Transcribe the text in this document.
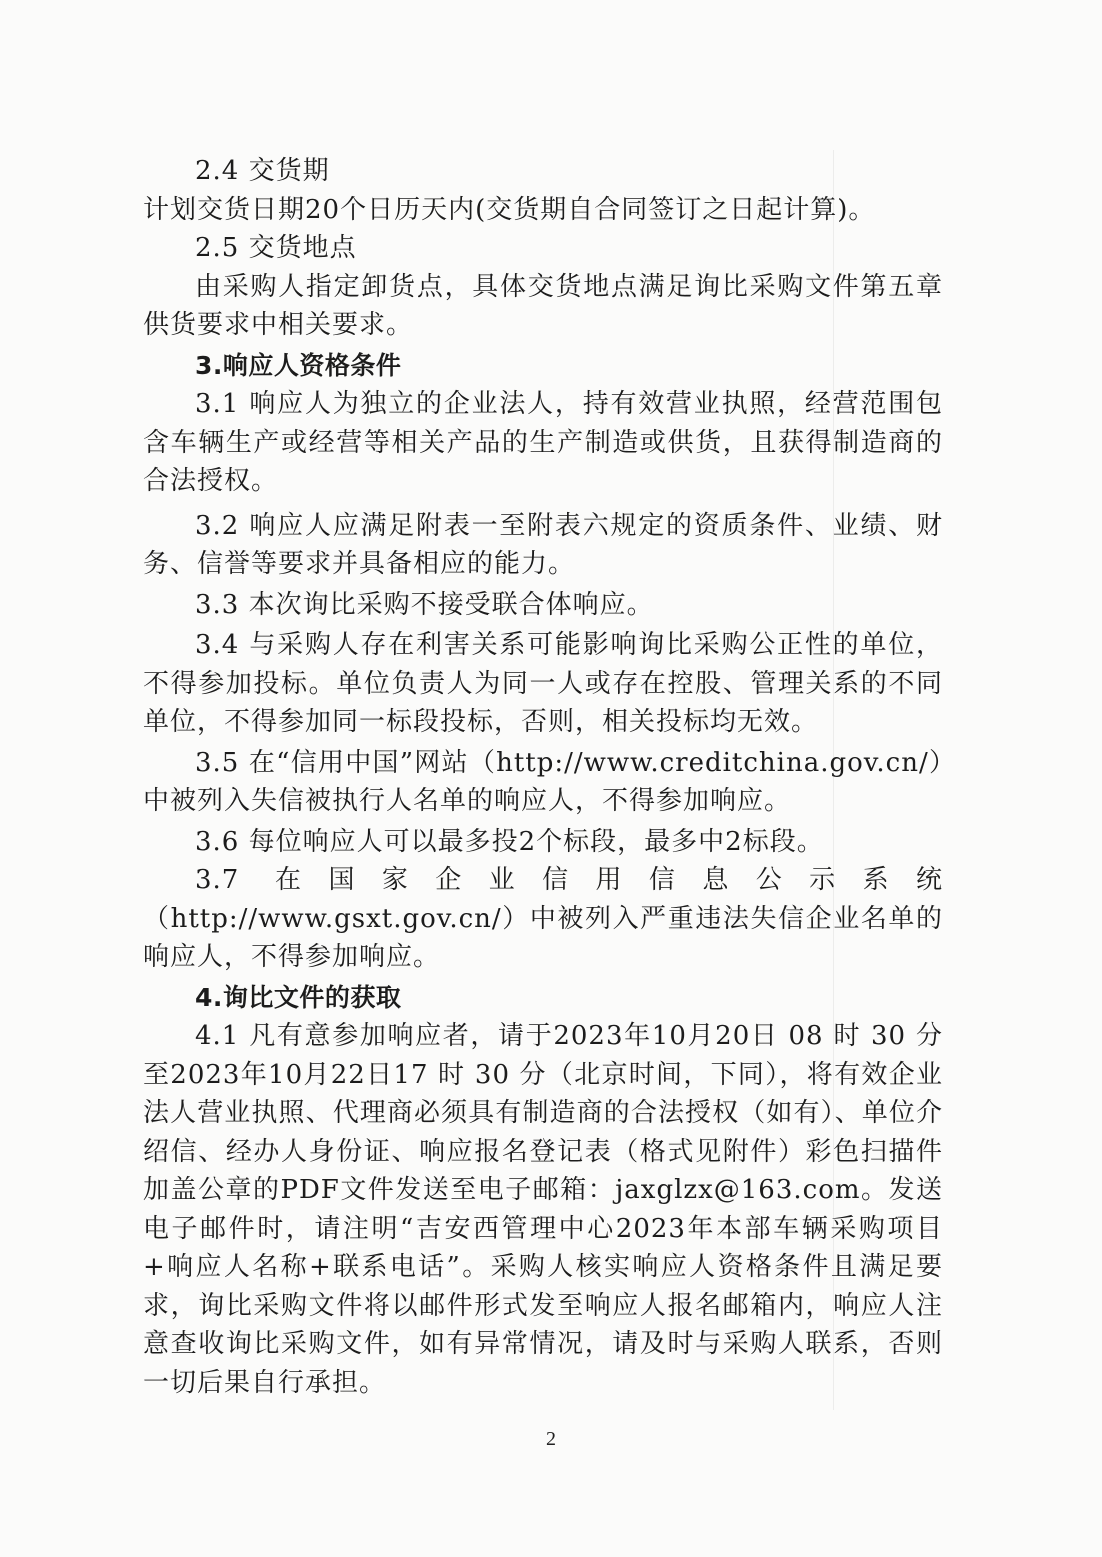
2.4 交货期

计划交货日期20个日历天内(交货期自合同签订之日起计算)。

2.5 交货地点

由采购人指定卸货点，具体交货地点满足询比采购文件第五章供货要求中相关要求。

3.响应人资格条件

3.1 响应人为独立的企业法人，持有效营业执照，经营范围包含车辆生产或经营等相关产品的生产制造或供货，且获得制造商的合法授权。

3.2 响应人应满足附表一至附表六规定的资质条件、业绩、财务、信誉等要求并具备相应的能力。

3.3 本次询比采购不接受联合体响应。

3.4 与采购人存在利害关系可能影响询比采购公正性的单位，不得参加投标。单位负责人为同一人或存在控股、管理关系的不同单位，不得参加同一标段投标，否则，相关投标均无效。

3.5 在“信用中国”网站（http://www.creditchina.gov.cn/）中被列入失信被执行人名单的响应人，不得参加响应。

3.6 每位响应人可以最多投2个标段，最多中2标段。

3.7 在国家企业信用信息公示系统（http://www.gsxt.gov.cn/）中被列入严重违法失信企业名单的响应人，不得参加响应。

4.询比文件的获取

4.1 凡有意参加响应者，请于2023年10月20日 08 时 30 分至2023年10月22日17 时 30 分（北京时间，下同），将有效企业法人营业执照、代理商必须具有制造商的合法授权（如有）、单位介绍信、经办人身份证、响应报名登记表（格式见附件）彩色扫描件加盖公章的PDF文件发送至电子邮箱：jaxglzx@163.com。发送电子邮件时，请注明“吉安西管理中心2023年本部车辆采购项目+响应人名称+联系电话”。采购人核实响应人资格条件且满足要求，询比采购文件将以邮件形式发至响应人报名邮箱内，响应人注意查收询比采购文件，如有异常情况，请及时与采购人联系，否则一切后果自行承担。

2
